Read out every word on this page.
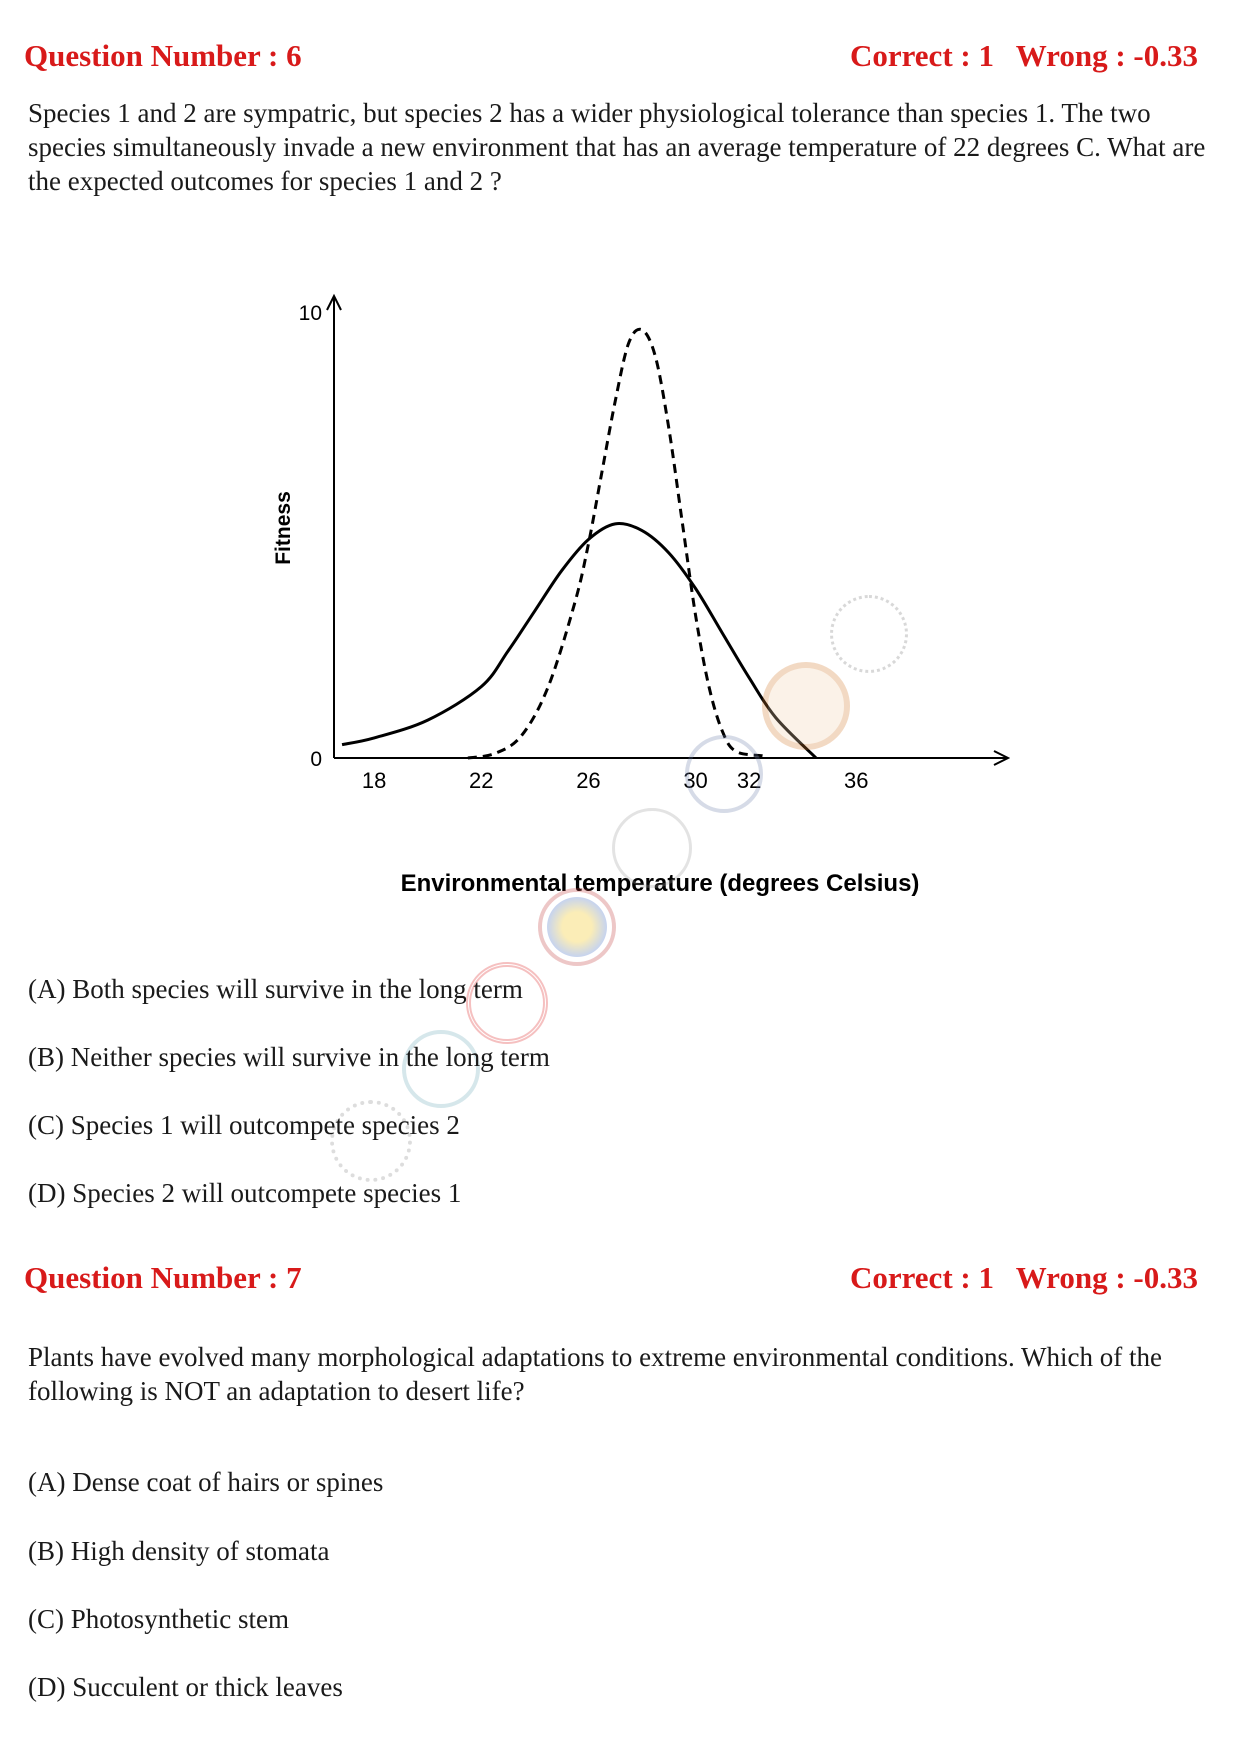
Question Number : 6	Correct : 1 Wrong : -0.33

Species 1 and 2 are sympatric, but species 2 has a wider physiological tolerance than species 1. The two species simultaneously invade a new environment that has an average temperature of 22 degrees C. What are the expected outcomes for species 1 and 2 ?

18	22	26	30 32	36
0
10
Fitness
Environmental temperature (degrees Celsius)

(A) Both species will survive in the long term

(B) Neither species will survive in the long term

(C) Species 1 will outcompete species 2

(D) Species 2 will outcompete species 1

Question Number : 7	Correct : 1 Wrong : -0.33

Plants have evolved many morphological adaptations to extreme environmental conditions. Which of the following is NOT an adaptation to desert life?

(A) Dense coat of hairs or spines

(B) High density of stomata

(C) Photosynthetic stem

(D) Succulent or thick leaves
